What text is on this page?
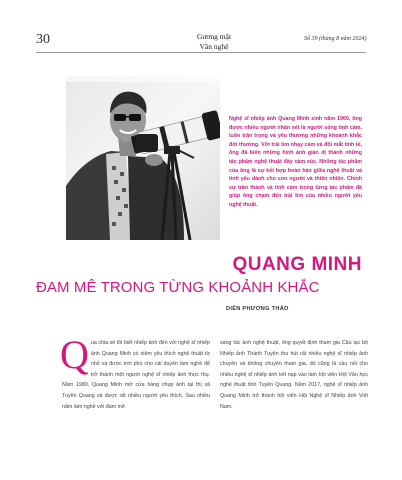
30	Gương mặt
Văn nghệ
Số 39 (tháng 8 năm 2024)
Nghệ sĩ nhiếp ảnh Quang Minh sinh năm 1960, ông được nhiều người nhận xét là người sống tình cảm, luôn trân trọng và yêu thương những khoảnh khắc đời thường. Với trái tim nhạy cảm và đôi mắt tinh tế, ông đã biến những hình ảnh giản dị thành những tác phẩm nghệ thuật đầy cảm xúc. Những tác phẩm của ông là sự kết hợp hoàn hảo giữa nghệ thuật và tình yêu dành cho con người và thiên nhiên. Chính sự trân thành và tình cảm trong từng tác phẩm đã giúp ông chạm đến trái tim của nhiều người yêu nghệ thuật.
QUANG MINH
ĐAM MÊ TRONG TỪNG KHOẢNH KHẮC
DIỄN PHƯƠNG THẢO
Q ua chia sẻ tôi biết nhiếp ảnh đến với nghệ sĩ nhiếp ảnh Quang Minh có niềm yêu thích nghệ thuật từ nhỏ và được trời phú cho cái duyên làm nghề để trở thành một người nghệ sĩ nhiếp ảnh thực thụ. Năm 1980, Quang Minh mở cửa hàng chụp ảnh tại thị xã Tuyên Quang và được rất nhiều người yêu thích. Sau nhiều năm làm nghề với đam mê
sáng tác ảnh nghệ thuật, ông quyết định tham gia Câu lạc bộ Nhiếp ảnh Thành Tuyên thu hút rất nhiều nghệ sĩ nhiếp ảnh chuyên và không chuyên tham gia, đó cũng là cầu nối cho nhiều nghệ sĩ nhiếp ảnh kết nạp vào làm hội viên Hội Văn học nghệ thuật tỉnh Tuyên Quang. Năm 2017, nghệ sĩ nhiếp ảnh Quang Minh trở thành hội viên Hội Nghệ sĩ Nhiếp ảnh Việt Nam.
